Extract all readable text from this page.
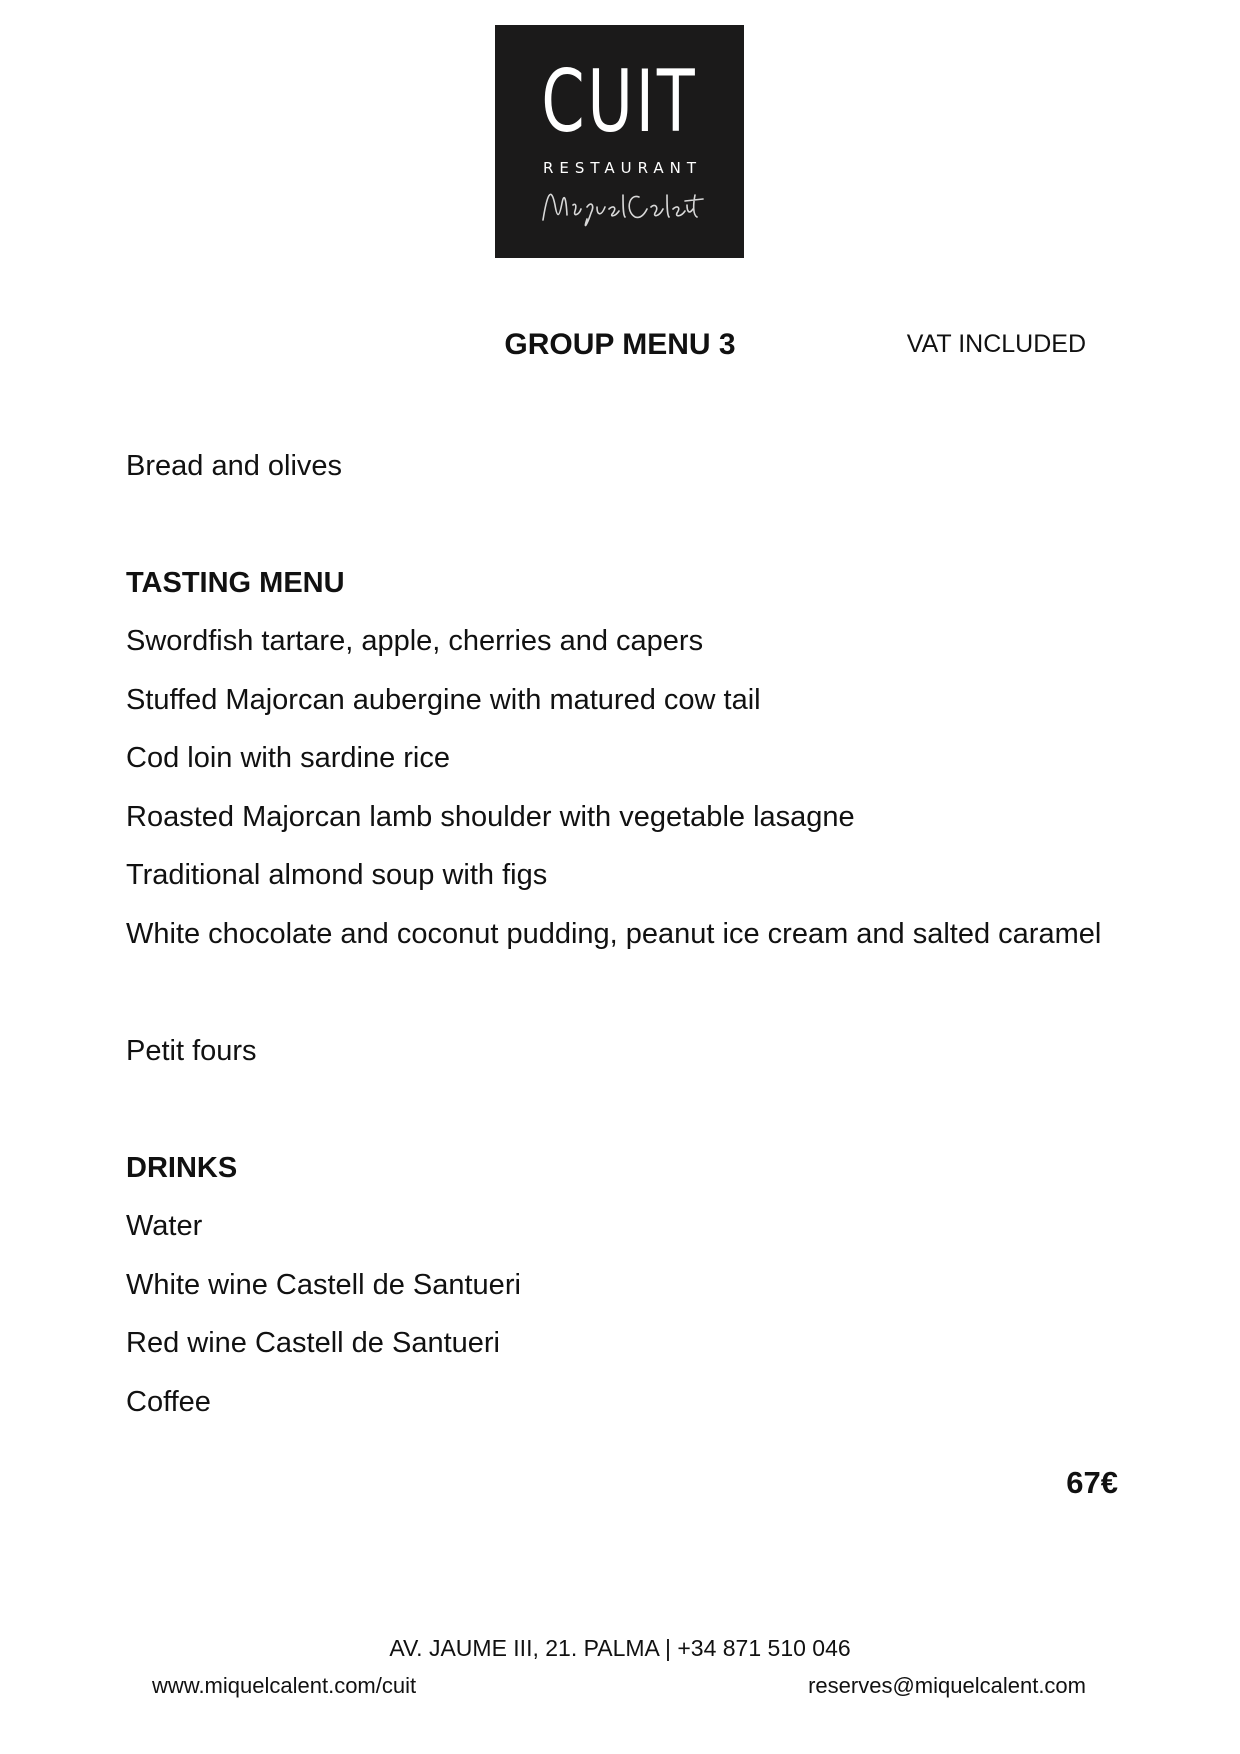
CUIT
RESTAURANT
GROUP MENU 3	VAT INCLUDED
Bread and olives
TASTING MENU
Swordfish tartare, apple, cherries and capers
Stuffed Majorcan aubergine with matured cow tail
Cod loin with sardine rice
Roasted Majorcan lamb shoulder with vegetable lasagne
Traditional almond soup with figs
White chocolate and coconut pudding, peanut ice cream and salted caramel
Petit fours
DRINKS
Water
White wine Castell de Santueri
Red wine Castell de Santueri
Coffee
67€
AV. JAUME III, 21. PALMA | +34 871 510 046
www.miquelcalent.com/cuit	reserves@miquelcalent.com
